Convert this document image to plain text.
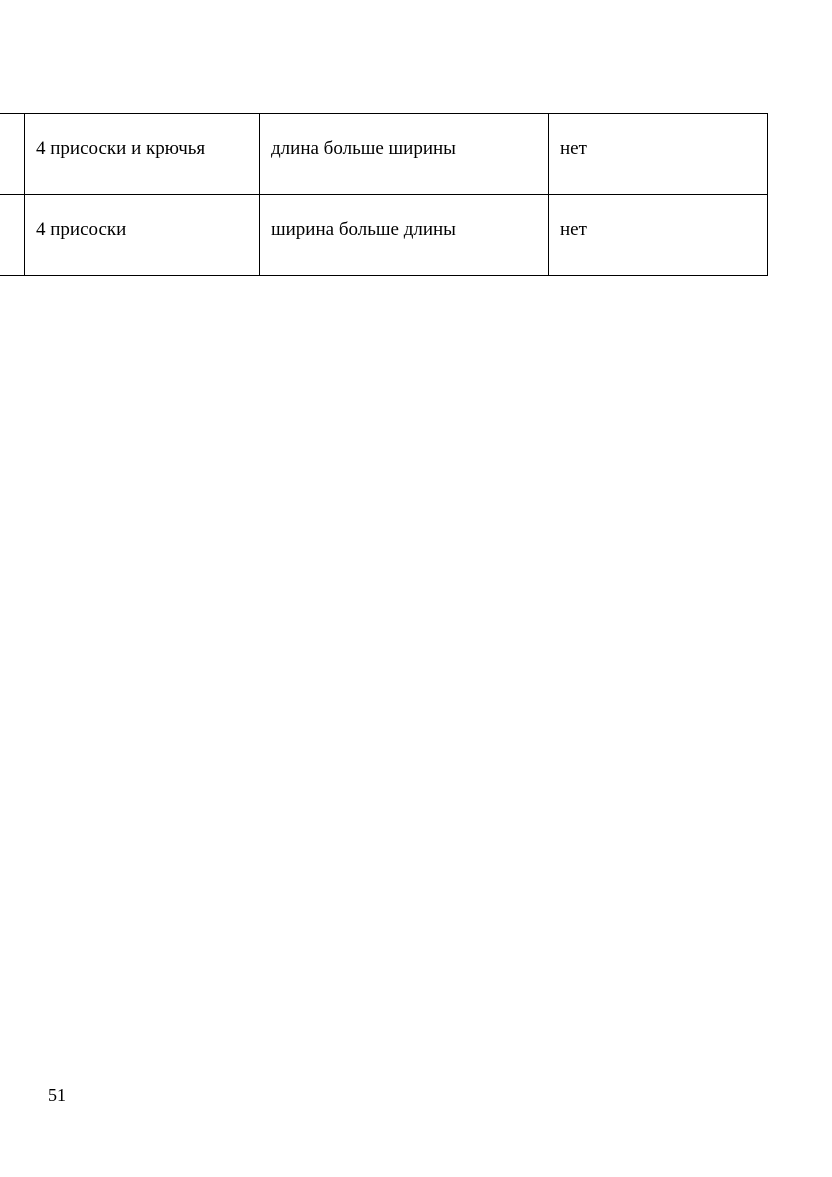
	4 присоски и крючья	длина больше ширины	нет

	4 присоски	ширина больше длины	нет
51
